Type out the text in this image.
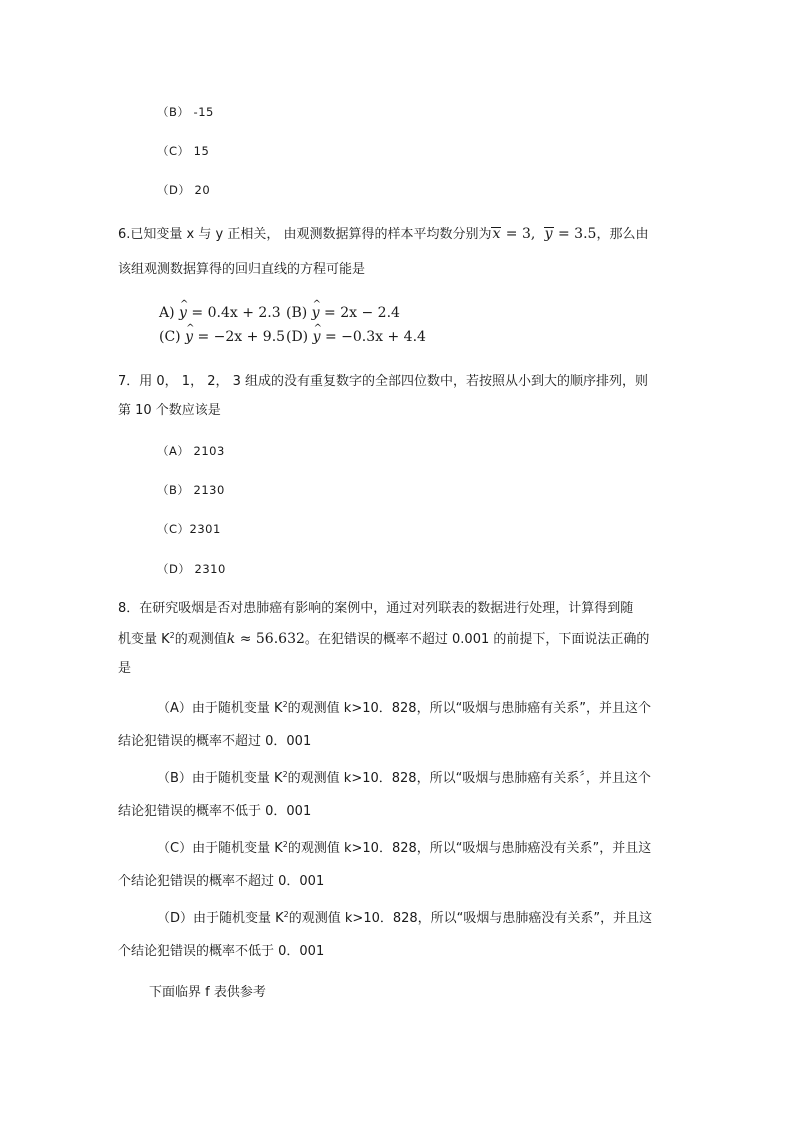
（B） -15
（C） 15
（D） 20
6.已知变量 x 与 y 正相关， 由观测数据算得的样本平均数分别为x = 3, y = 3.5，那么由
该组观测数据算得的回归直线的方程可能是
A) ^ y = 0.4x + 2.3 (B) ^ y = 2x − 2.4
(C) ^ y = −2x + 9.5(D) ^ y = −0.3x + 4.4
7．用 0， 1， 2， 3 组成的没有重复数字的全部四位数中，若按照从小到大的顺序排列，则
第 10 个数应该是
（A） 2103
（B） 2130
（C）2301
（D） 2310
8．在研究吸烟是否对患肺癌有影响的案例中，通过对列联表的数据进行处理，计算得到随
机变量 $K^2$的观测值k ≈ 56.632。在犯错误的概率不超过 0.001 的前提下，下面说法正确的
是
（A）由于随机变量 $K^2$的观测值 k>10．828，所以“吸烟与患肺癌有关系”，并且这个
结论犯错误的概率不超过 0．001
（B）由于随机变量 $K^2$的观测值 k>10．828，所以“吸烟与患肺癌有关系〞，并且这个
结论犯错误的概率不低于 0．001
（C）由于随机变量 $K^2$的观测值 k>10．828，所以“吸烟与患肺癌没有关系”，并且这
个结论犯错误的概率不超过 0．001
（D）由于随机变量 $K^2$的观测值 k>10．828，所以“吸烟与患肺癌没有关系”，并且这
个结论犯错误的概率不低于 0．001
下面临界 f 表供参考
